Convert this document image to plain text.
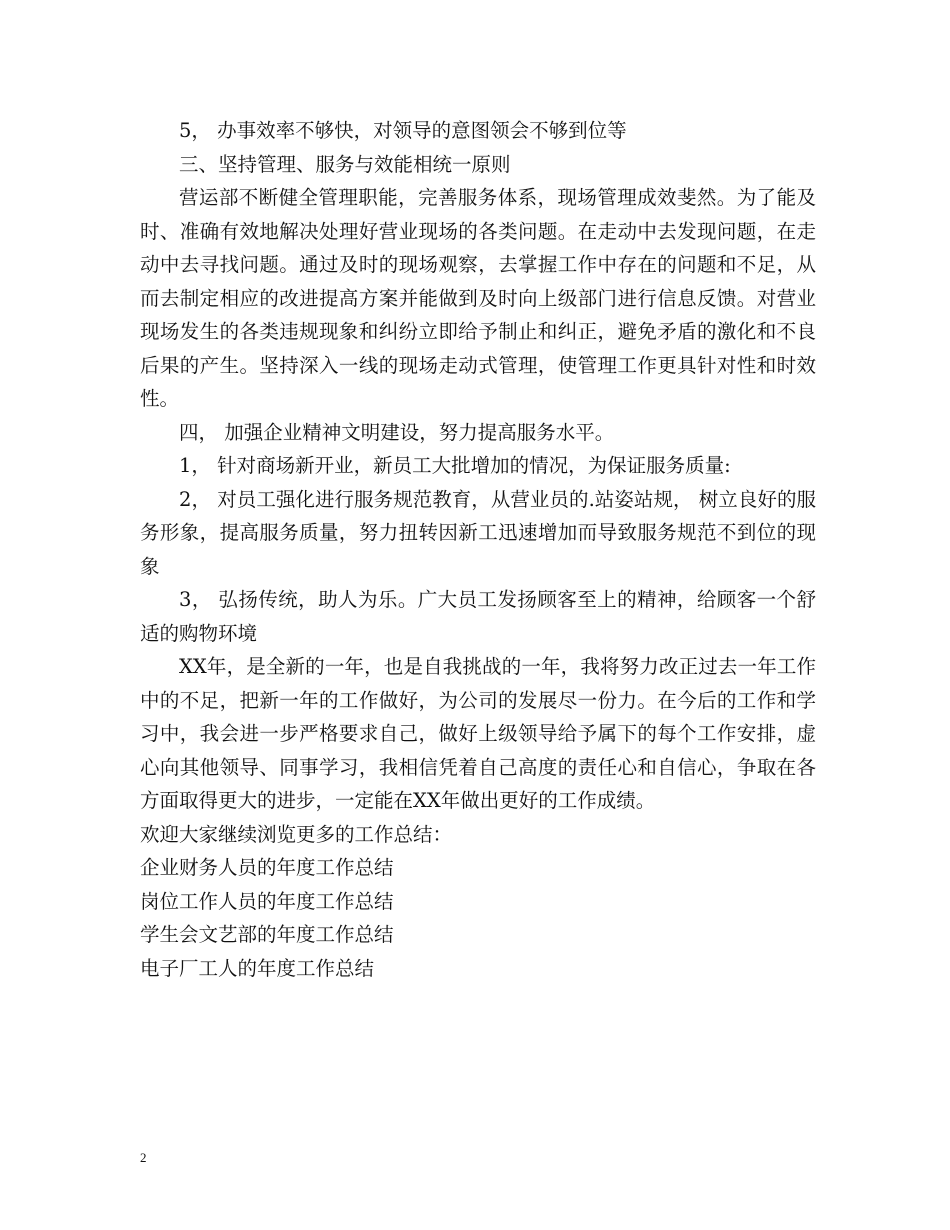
5， 办事效率不够快，对领导的意图领会不够到位等

三、坚持管理、服务与效能相统一原则

营运部不断健全管理职能，完善服务体系，现场管理成效斐然。为了能及时、准确有效地解决处理好营业现场的各类问题。在走动中去发现问题，在走动中去寻找问题。通过及时的现场观察，去掌握工作中存在的问题和不足，从而去制定相应的改进提高方案并能做到及时向上级部门进行信息反馈。对营业现场发生的各类违规现象和纠纷立即给予制止和纠正，避免矛盾的激化和不良后果的产生。坚持深入一线的现场走动式管理，使管理工作更具针对性和时效性。

四， 加强企业精神文明建设，努力提高服务水平。

1， 针对商场新开业，新员工大批增加的情况，为保证服务质量:

2， 对员工强化进行服务规范教育，从营业员的.站姿站规， 树立良好的服务形象，提高服务质量，努力扭转因新工迅速增加而导致服务规范不到位的现象

3， 弘扬传统，助人为乐。广大员工发扬顾客至上的精神，给顾客一个舒适的购物环境

XX年，是全新的一年，也是自我挑战的一年，我将努力改正过去一年工作中的不足，把新一年的工作做好，为公司的发展尽一份力。在今后的工作和学习中，我会进一步严格要求自己，做好上级领导给予属下的每个工作安排，虚心向其他领导、同事学习，我相信凭着自己高度的责任心和自信心，争取在各方面取得更大的进步，一定能在XX年做出更好的工作成绩。

欢迎大家继续浏览更多的工作总结：

企业财务人员的年度工作总结

岗位工作人员的年度工作总结

学生会文艺部的年度工作总结

电子厂工人的年度工作总结

2
